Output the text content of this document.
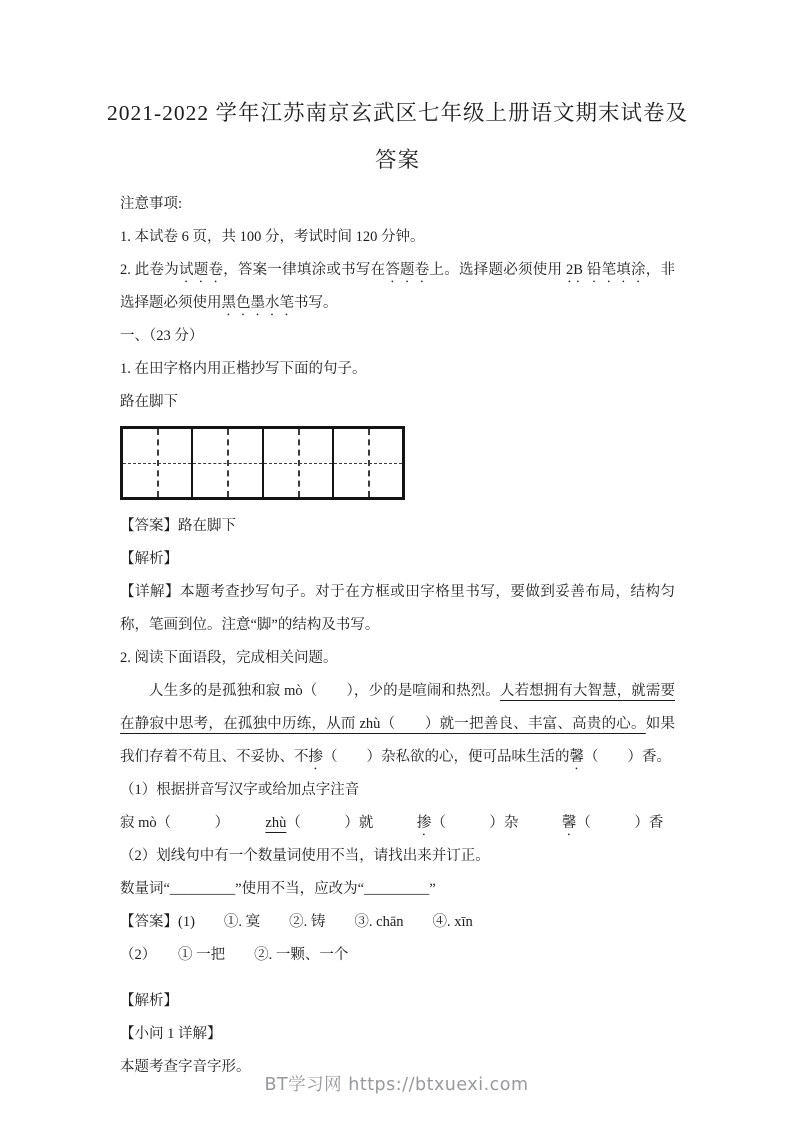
2021-2022 学年江苏南京玄武区七年级上册语文期末试卷及
答案

注意事项:

1. 本试卷 6 页，共 100 分，考试时间 120 分钟。

2. 此卷为试题卷，答案一律填涂或书写在答题卷上。选择题必须使用 2B 铅笔填涂，非选择题必须使用黑色墨水笔书写。

一、（23 分）

1. 在田字格内用正楷抄写下面的句子。

路在脚下

【答案】路在脚下

【解析】

【详解】本题考查抄写句子。对于在方框或田字格里书写，要做到妥善布局，结构匀称，笔画到位。注意“脚”的结构及书写。

2. 阅读下面语段，完成相关问题。

人生多的是孤独和寂 mò（　　），少的是喧闹和热烈。人若想拥有大智慧，就需要在静寂中思考，在孤独中历练，从而 zhù（　　）就一把善良、丰富、高贵的心。如果我们存着不苟且、不妥协、不掺（　　）杂私欲的心，便可品味生活的馨（　　）香。

（1）根据拼音写汉字或给加点字注音

寂 mò（　　　）　　　zhù（　　　）就　　　掺（　　　）杂　　　馨（　　　）香

（2）划线句中有一个数量词使用不当，请找出来并订正。

数量词“_________”使用不当，应改为“_________”

【答案】(1)　　①. 寞　　②. 铸　　③. chān　　④. xīn

（2）　　① 一把　　②. 一颗、一个

【解析】

【小问 1 详解】

本题考查字音字形。

BT学习网 https://btxuexi.com
